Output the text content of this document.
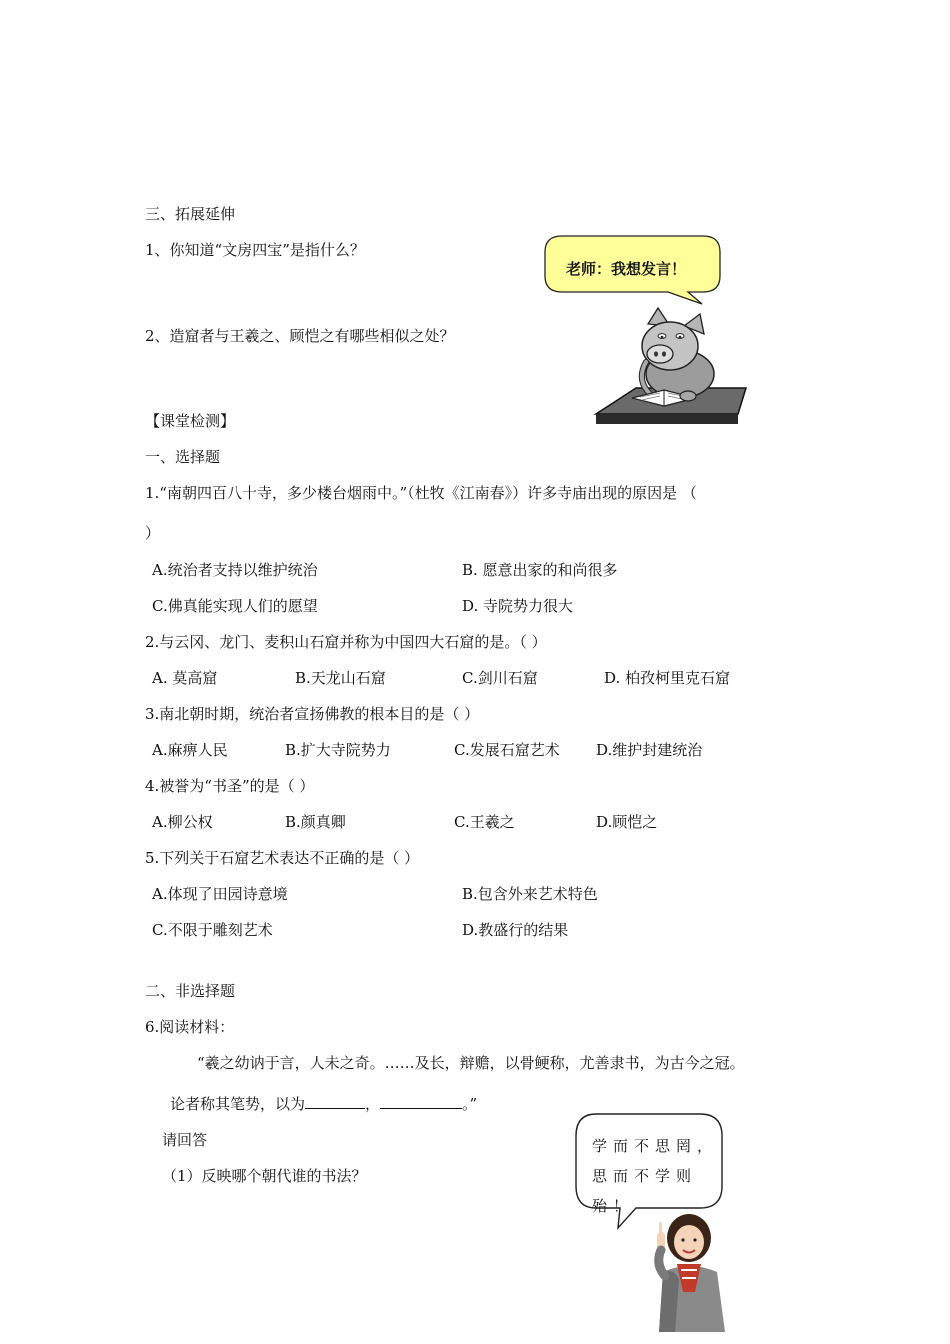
三、拓展延伸
1、你知道“文房四宝”是指什么？
2、造窟者与王羲之、顾恺之有哪些相似之处？
老师：我想发言！
【课堂检测】
一、选择题
1.“南朝四百八十寺，多少楼台烟雨中。”（杜牧《江南春》）许多寺庙出现的原因是 （
）
A.统治者支持以维护统治	B. 愿意出家的和尚很多
C.佛真能实现人们的愿望	D. 寺院势力很大
2.与云冈、龙门、麦积山石窟并称为中国四大石窟的是。（ ）
A. 莫高窟	B.天龙山石窟	C.剑川石窟	D. 柏孜柯里克石窟
3.南北朝时期，统治者宣扬佛教的根本目的是（ ）
A.麻痹人民	B.扩大寺院势力	C.发展石窟艺术 D.维护封建统治
4.被誉为“书圣”的是（ ）
A.柳公权	B.颜真卿	C.王羲之	D.顾恺之
5.下列关于石窟艺术表达不正确的是（ ）
A.体现了田园诗意境	B.包含外来艺术特色
C.不限于雕刻艺术	D.教盛行的结果
二、非选择题
6.阅读材料：
“羲之幼讷于言，人未之奇。……及长，辩赡，以骨鲠称，尤善隶书，为古今之冠。
论者称其笔势，以为	，	。”
请回答
（1）反映哪个朝代谁的书法？
学而不思罔，思而不学则殆！
